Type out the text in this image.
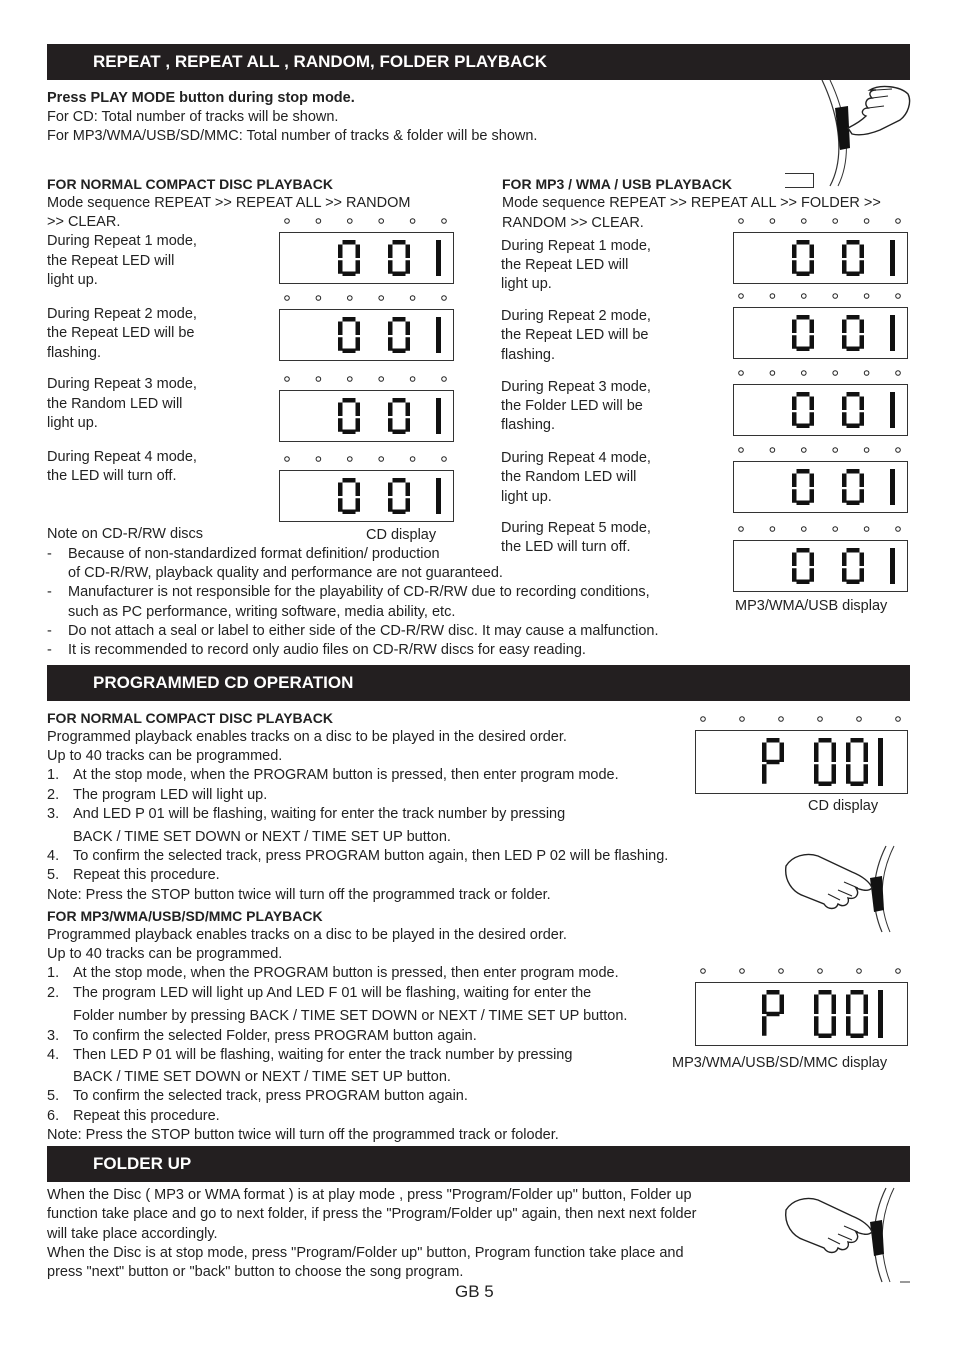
REPEAT , REPEAT ALL , RANDOM, FOLDER PLAYBACK
Press PLAY MODE button during stop mode.
For CD: Total number of tracks will be shown.
For MP3/WMA/USB/SD/MMC: Total number of tracks & folder will be shown.
FOR NORMAL COMPACT DISC PLAYBACK
Mode sequence REPEAT >> REPEAT ALL >> RANDOM
>> CLEAR.
During Repeat 1 mode,
the Repeat LED will
light up.
During Repeat 2 mode,
the Repeat LED will be
flashing.
During Repeat 3 mode,
the Random LED will
light up.
During Repeat 4 mode,
the LED will turn off.
CD display
FOR MP3 / WMA / USB PLAYBACK
Mode sequence REPEAT >> REPEAT ALL >> FOLDER >>
RANDOM >> CLEAR.
During Repeat 1 mode,
the Repeat LED will
light up.
During Repeat 2 mode,
the Repeat LED will be
flashing.
During Repeat 3 mode,
the Folder LED will be
flashing.
During Repeat 4 mode,
the Random LED will
light up.
During Repeat 5 mode,
the LED will turn off.
MP3/WMA/USB display
Note on CD-R/RW discs
- Because of non-standardized format definition/ production
of CD-R/RW, playback quality and performance are not guaranteed.
- Manufacturer is not responsible for the playability of CD-R/RW due to recording conditions,
such as PC performance, writing software, media ability, etc.
- Do not attach a seal or label to either side of the CD-R/RW disc. It may cause a malfunction.
- It is recommended to record only audio files on CD-R/RW discs for easy reading.
PROGRAMMED CD OPERATION
FOR NORMAL COMPACT DISC PLAYBACK
Programmed playback enables tracks on a disc to be played in the desired order.
Up to 40 tracks can be programmed.
1. At the stop mode, when the PROGRAM button is pressed, then enter program mode.
2. The program LED will light up.
3. And LED P 01 will be flashing, waiting for enter the track number by pressing
BACK / TIME SET DOWN or NEXT / TIME SET UP button.
4. To confirm the selected track, press PROGRAM button again, then LED P 02 will be flashing.
5. Repeat this procedure.
Note: Press the STOP button twice will turn off the programmed track or folder.
CD display
FOR MP3/WMA/USB/SD/MMC PLAYBACK
Programmed playback enables tracks on a disc to be played in the desired order.
Up to 40 tracks can be programmed.
1. At the stop mode, when the PROGRAM button is pressed, then enter program mode.
2. The program LED will light up And LED F 01 will be flashing, waiting for enter the
Folder number by pressing BACK / TIME SET DOWN or NEXT / TIME SET UP button.
3. To confirm the selected Folder, press PROGRAM button again.
4. Then LED P 01 will be flashing, waiting for enter the track number by pressing
BACK / TIME SET DOWN or NEXT / TIME SET UP button.
5. To confirm the selected track, press PROGRAM button again.
6. Repeat this procedure.
Note: Press the STOP button twice will turn off the programmed track or foloder.
MP3/WMA/USB/SD/MMC display
FOLDER UP
When the Disc ( MP3 or WMA format ) is at play mode , press "Program/Folder up" button, Folder up
function take place and go to next folder, if press the "Program/Folder up" again, then next next folder
will take place accordingly.
When the Disc is at stop mode, press "Program/Folder up" button, Program function take place and
press "next" button or "back" button to choose the song program.
GB 5
